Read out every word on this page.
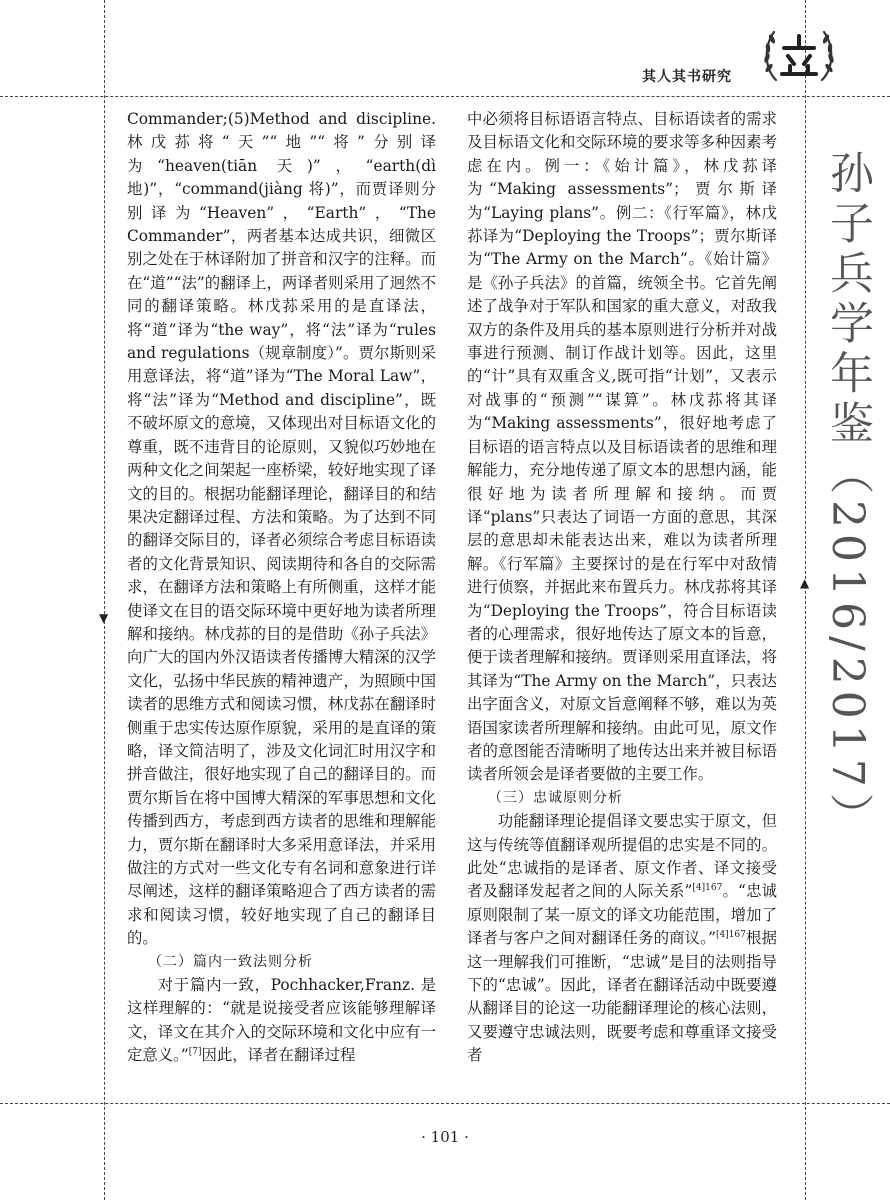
▼
▲
其人其书研究
孙子兵学年鉴（2016/2017）

Commander;(5)Method and discipline. 林戊荪将“天”“地”“将”分别译为“heaven(tiān 天)”，“earth(dì 地)”，“command(jiàng 将)”，而贾译则分别译为“Heaven”，“Earth”，“The Commander”，两者基本达成共识，细微区别之处在于林译附加了拼音和汉字的注释。而在“道”“法”的翻译上，两译者则采用了迥然不同的翻译策略。林戊荪采用的是直译法，将“道”译为“the way”，将“法”译为“rules and regulations（规章制度）”。贾尔斯则采用意译法，将“道”译为“The Moral Law”，将“法”译为“Method and discipline”，既不破坏原文的意境，又体现出对目标语文化的尊重，既不违背目的论原则，又貌似巧妙地在两种文化之间架起一座桥梁，较好地实现了译文的目的。根据功能翻译理论，翻译目的和结果决定翻译过程、方法和策略。为了达到不同的翻译交际目的，译者必须综合考虑目标语读者的文化背景知识、阅读期待和各自的交际需求，在翻译方法和策略上有所侧重，这样才能使译文在目的语交际环境中更好地为读者所理解和接纳。林戊荪的目的是借助《孙子兵法》向广大的国内外汉语读者传播博大精深的汉学文化，弘扬中华民族的精神遗产，为照顾中国读者的思维方式和阅读习惯，林戊荪在翻译时侧重于忠实传达原作原貌，采用的是直译的策略，译文简洁明了，涉及文化词汇时用汉字和拼音做注，很好地实现了自己的翻译目的。而贾尔斯旨在将中国博大精深的军事思想和文化传播到西方，考虑到西方读者的思维和理解能力，贾尔斯在翻译时大多采用意译法，并采用做注的方式对一些文化专有名词和意象进行详尽阐述，这样的翻译策略迎合了西方读者的需求和阅读习惯，较好地实现了自己的翻译目的。

（二）篇内一致法则分析

对于篇内一致，Pochhacker,Franz. 是这样理解的：“就是说接受者应该能够理解译文，译文在其介入的交际环境和文化中应有一定意义。”[7]因此，译者在翻译过程

中必须将目标语语言特点、目标语读者的需求及目标语文化和交际环境的要求等多种因素考虑在内。例一：《始计篇》，林戊荪译为“Making assessments”；贾尔斯译为“Laying plans”。例二：《行军篇》，林戊荪译为“Deploying the Troops”；贾尔斯译为“The Army on the March”。《始计篇》是《孙子兵法》的首篇，统领全书。它首先阐述了战争对于军队和国家的重大意义，对敌我双方的条件及用兵的基本原则进行分析并对战事进行预测、制订作战计划等。因此，这里的“计”具有双重含义,既可指“计划”，又表示对战事的“预测”“谋算”。林戊荪将其译为“Making assessments”，很好地考虑了目标语的语言特点以及目标语读者的思维和理解能力，充分地传递了原文本的思想内涵，能很好地为读者所理解和接纳。而贾译“plans”只表达了词语一方面的意思，其深层的意思却未能表达出来，难以为读者所理解。《行军篇》主要探讨的是在行军中对敌情进行侦察，并据此来布置兵力。林戊荪将其译为“Deploying the Troops”，符合目标语读者的心理需求，很好地传达了原文本的旨意，便于读者理解和接纳。贾译则采用直译法，将其译为“The Army on the March”，只表达出字面含义，对原文旨意阐释不够，难以为英语国家读者所理解和接纳。由此可见，原文作者的意图能否清晰明了地传达出来并被目标语读者所领会是译者要做的主要工作。

（三）忠诚原则分析

功能翻译理论提倡译文要忠实于原文，但这与传统等值翻译观所提倡的忠实是不同的。此处“忠诚指的是译者、原文作者、译文接受者及翻译发起者之间的人际关系”$^{[4]167}$。“忠诚原则限制了某一原文的译文功能范围，增加了译者与客户之间对翻译任务的商议。”$^{[4]167}$根据这一理解我们可推断，“忠诚”是目的法则指导下的“忠诚”。因此，译者在翻译活动中既要遵从翻译目的论这一功能翻译理论的核心法则，又要遵守忠诚法则，既要考虑和尊重译文接受者

· 101 ·
